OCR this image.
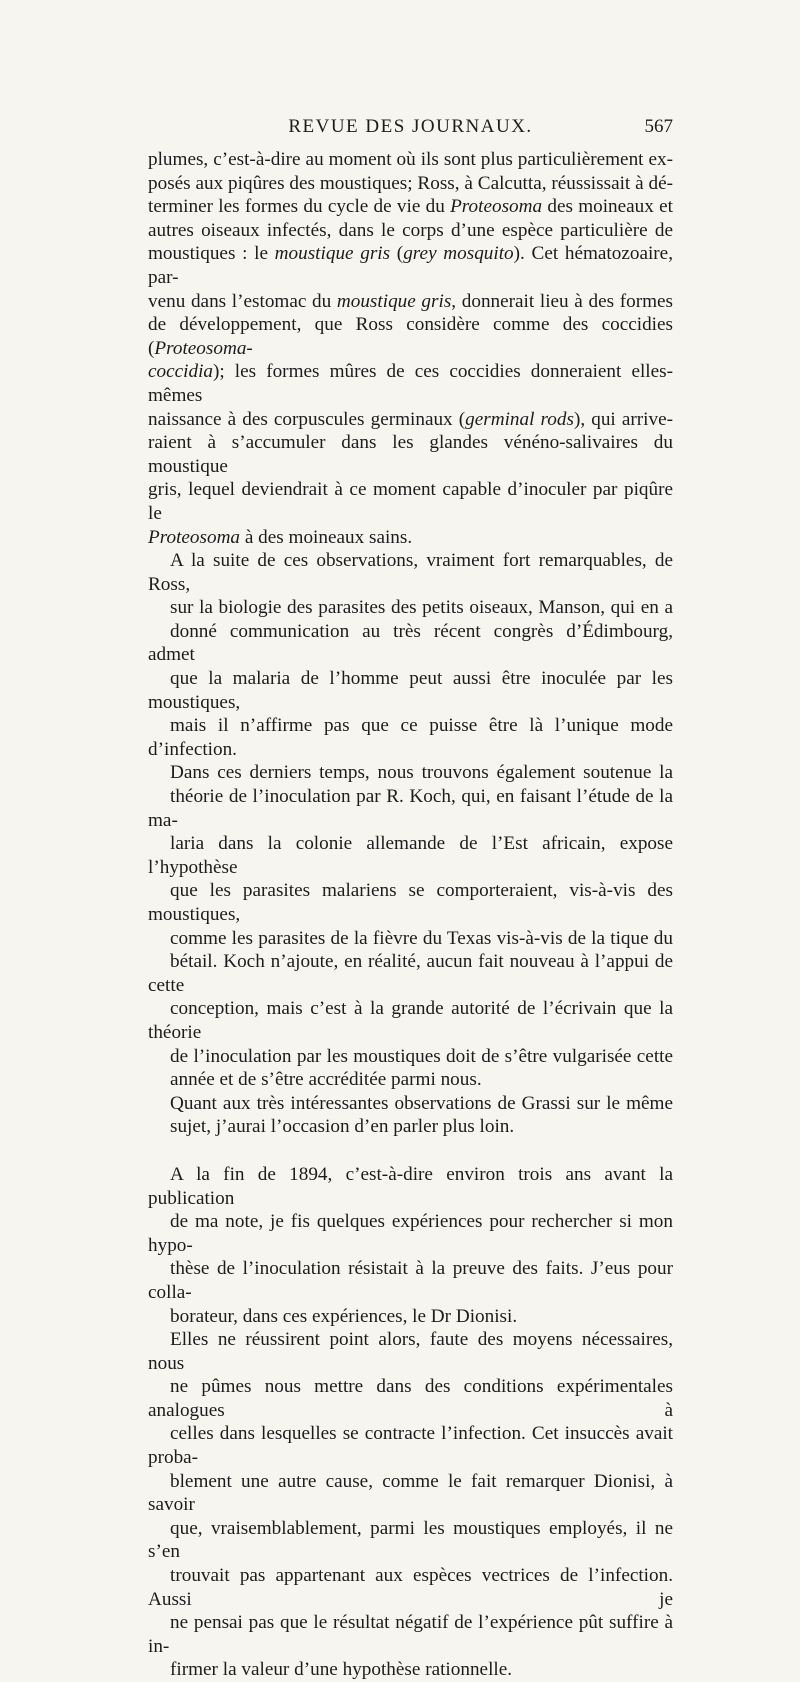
REVUE DES JOURNAUX.	567

plumes, c’est-à-dire au moment où ils sont plus particulièrement ex-
posés aux piqûres des moustiques; Ross, à Calcutta, réussissait à dé-
terminer les formes du cycle de vie du Proteosoma des moineaux et
autres oiseaux infectés, dans le corps d’une espèce particulière de
moustiques : le moustique gris (grey mosquito). Cet hématozoaire, par-
venu dans l’estomac du moustique gris, donnerait lieu à des formes
de développement, que Ross considère comme des coccidies (Proteosoma-
coccidia); les formes mûres de ces coccidies donneraient elles-mêmes
naissance à des corpuscules germinaux (germinal rods), qui arrive-
raient à s’accumuler dans les glandes vénéno-salivaires du moustique
gris, lequel deviendrait à ce moment capable d’inoculer par piqûre le
Proteosoma à des moineaux sains.

A la suite de ces observations, vraiment fort remarquables, de Ross,
sur la biologie des parasites des petits oiseaux, Manson, qui en a
donné communication au très récent congrès d’Édimbourg, admet
que la malaria de l’homme peut aussi être inoculée par les moustiques,
mais il n’affirme pas que ce puisse être là l’unique mode d’infection.

Dans ces derniers temps, nous trouvons également soutenue la
théorie de l’inoculation par R. Koch, qui, en faisant l’étude de la ma-
laria dans la colonie allemande de l’Est africain, expose l’hypothèse
que les parasites malariens se comporteraient, vis-à-vis des moustiques,
comme les parasites de la fièvre du Texas vis-à-vis de la tique du
bétail. Koch n’ajoute, en réalité, aucun fait nouveau à l’appui de cette
conception, mais c’est à la grande autorité de l’écrivain que la théorie
de l’inoculation par les moustiques doit de s’être vulgarisée cette
année et de s’être accréditée parmi nous.

Quant aux très intéressantes observations de Grassi sur le même
sujet, j’aurai l’occasion d’en parler plus loin.

A la fin de 1894, c’est-à-dire environ trois ans avant la publication
de ma note, je fis quelques expériences pour rechercher si mon hypo-
thèse de l’inoculation résistait à la preuve des faits. J’eus pour colla-
borateur, dans ces expériences, le Dr Dionisi.

Elles ne réussirent point alors, faute des moyens nécessaires, nous
ne pûmes nous mettre dans des conditions expérimentales analogues à
celles dans lesquelles se contracte l’infection. Cet insuccès avait proba-
blement une autre cause, comme le fait remarquer Dionisi, à savoir
que, vraisemblablement, parmi les moustiques employés, il ne s’en
trouvait pas appartenant aux espèces vectrices de l’infection. Aussi je
ne pensai pas que le résultat négatif de l’expérience pût suffire à in-
firmer la valeur d’une hypothèse rationnelle.
